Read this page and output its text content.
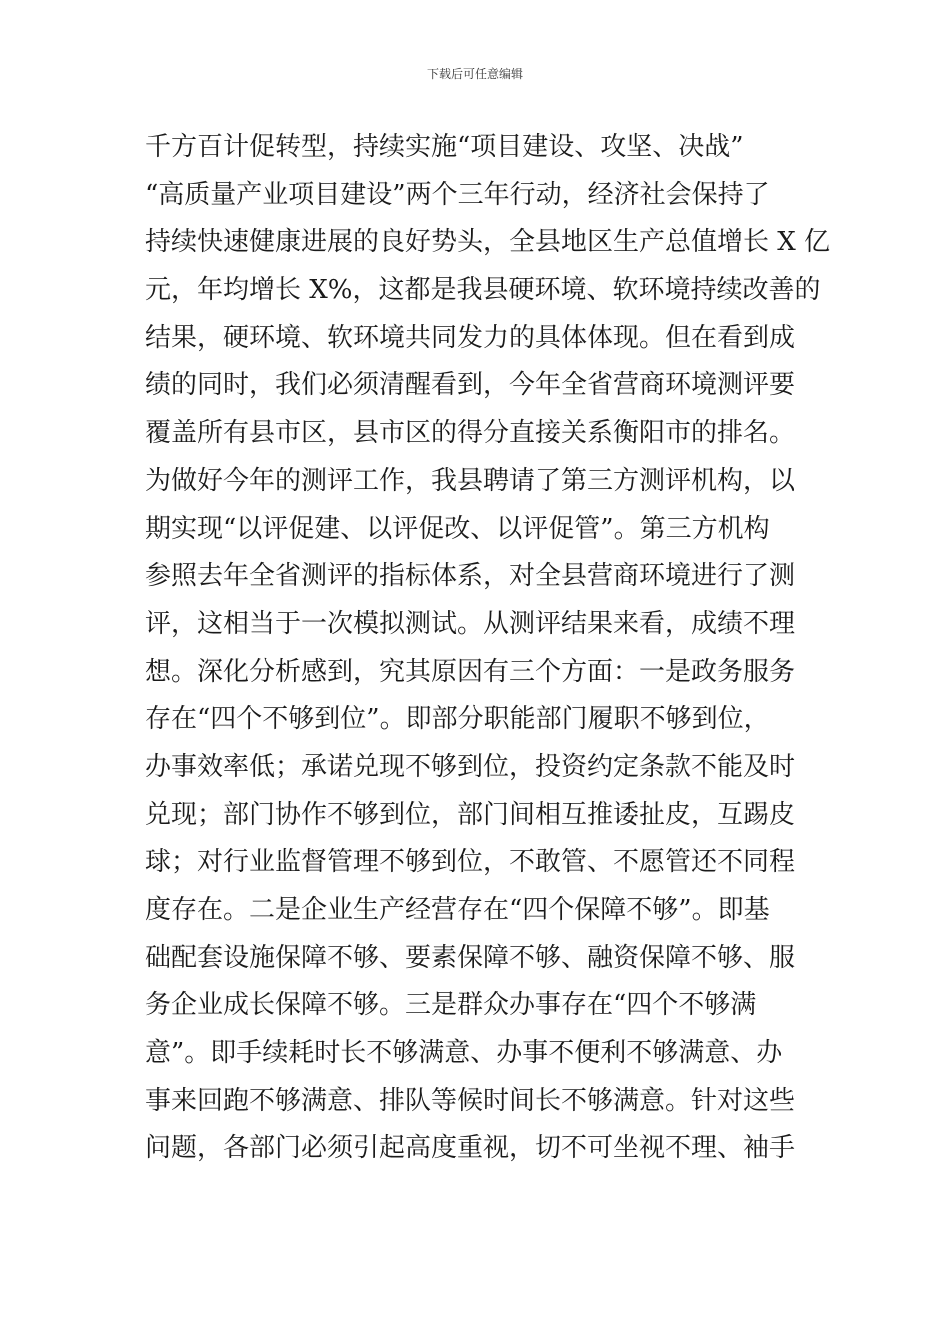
下载后可任意编辑
千方百计促转型，持续实施“项目建设、攻坚、决战”
“高质量产业项目建设”两个三年行动，经济社会保持了
持续快速健康进展的良好势头，全县地区生产总值增长 X 亿
元，年均增长 X%，这都是我县硬环境、软环境持续改善的
结果，硬环境、软环境共同发力的具体体现。但在看到成
绩的同时，我们必须清醒看到，今年全省营商环境测评要
覆盖所有县市区，县市区的得分直接关系衡阳市的排名。
为做好今年的测评工作，我县聘请了第三方测评机构，以
期实现“以评促建、以评促改、以评促管”。第三方机构
参照去年全省测评的指标体系，对全县营商环境进行了测
评，这相当于一次模拟测试。从测评结果来看，成绩不理
想。深化分析感到，究其原因有三个方面：一是政务服务
存在“四个不够到位”。即部分职能部门履职不够到位，
办事效率低；承诺兑现不够到位，投资约定条款不能及时
兑现；部门协作不够到位，部门间相互推诿扯皮，互踢皮
球；对行业监督管理不够到位，不敢管、不愿管还不同程
度存在。二是企业生产经营存在“四个保障不够”。即基
础配套设施保障不够、要素保障不够、融资保障不够、服
务企业成长保障不够。三是群众办事存在“四个不够满
意”。即手续耗时长不够满意、办事不便利不够满意、办
事来回跑不够满意、排队等候时间长不够满意。针对这些
问题，各部门必须引起高度重视，切不可坐视不理、袖手
